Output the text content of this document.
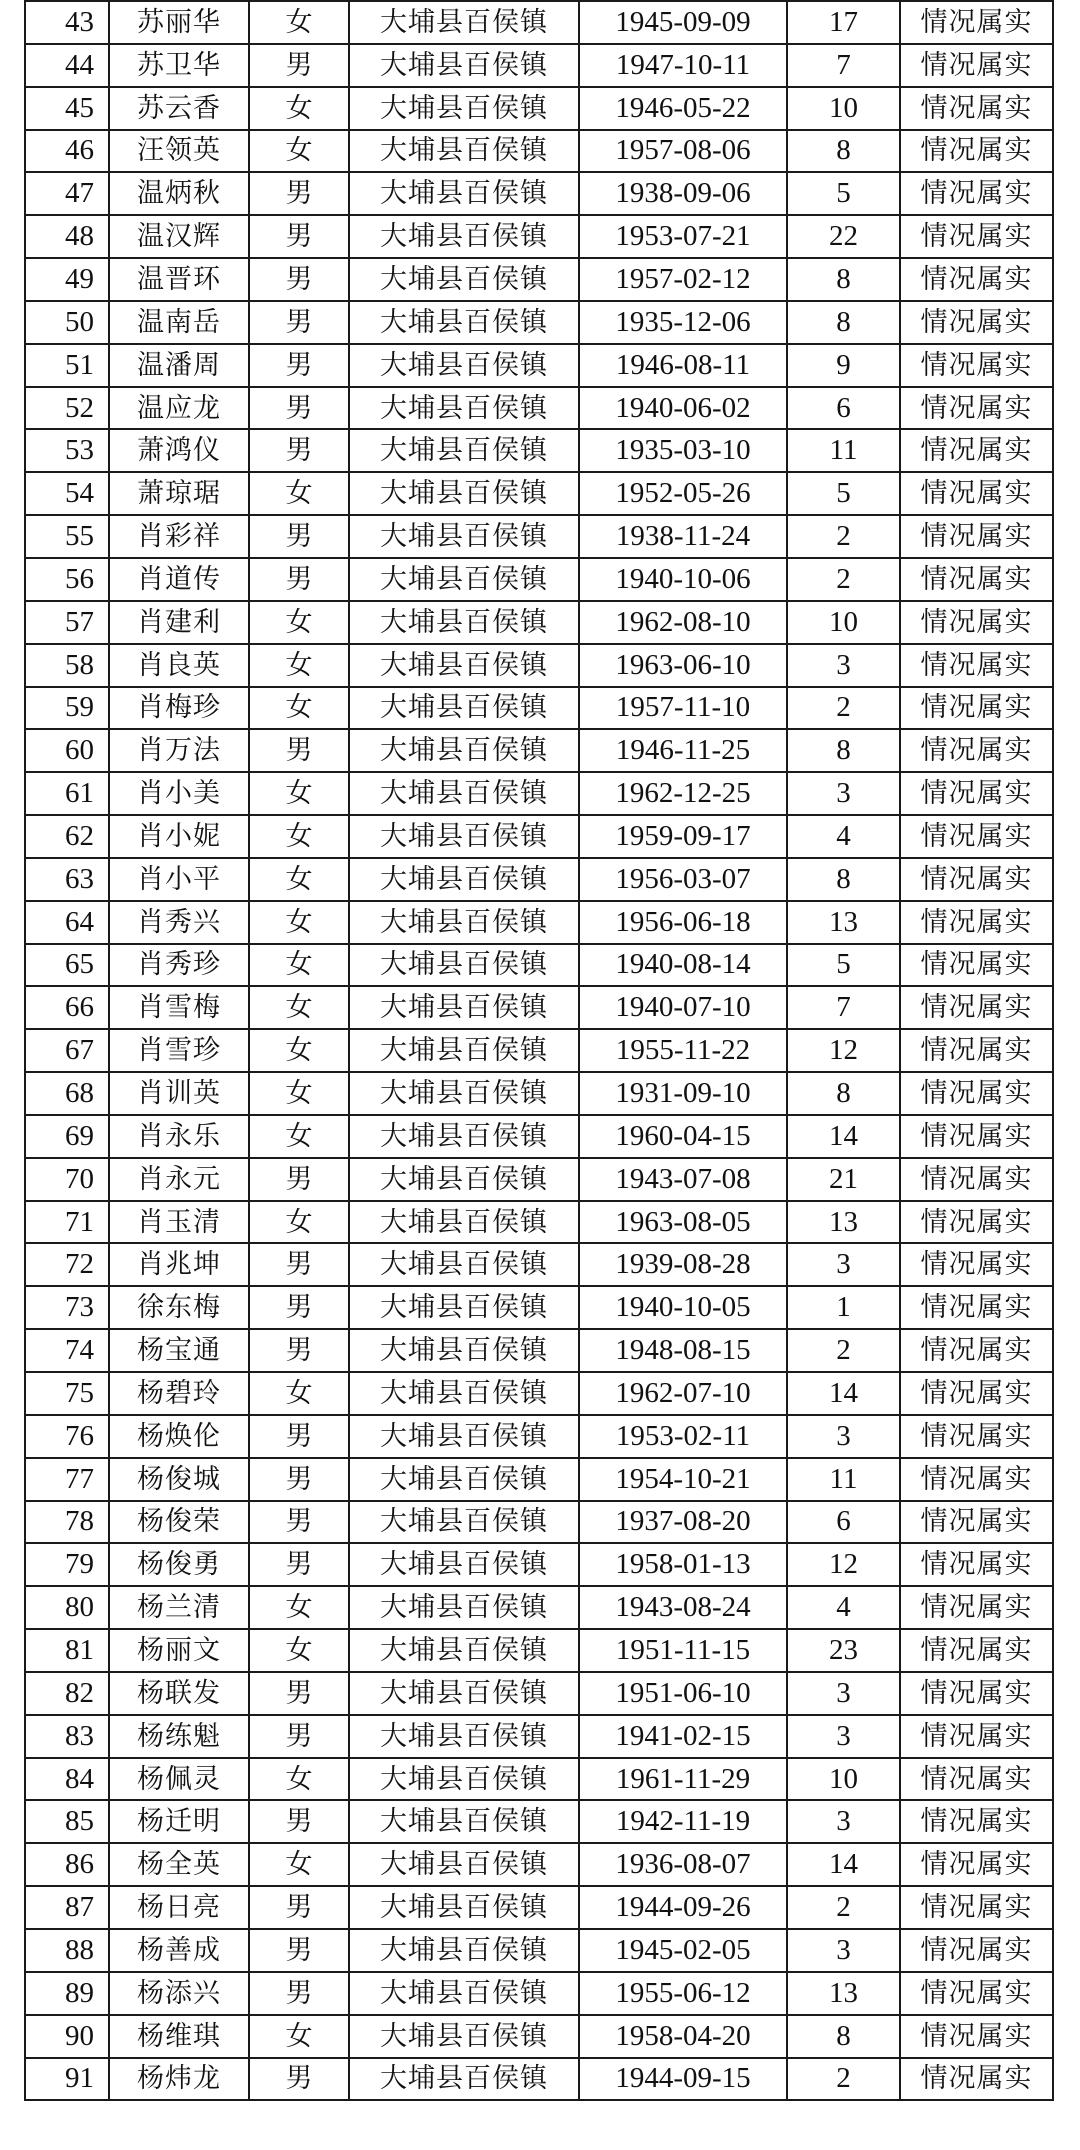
43	苏丽华	女	大埔县百侯镇	1945-09-09	17	情况属实
44	苏卫华	男	大埔县百侯镇	1947-10-11	7	情况属实
45	苏云香	女	大埔县百侯镇	1946-05-22	10	情况属实
46	汪领英	女	大埔县百侯镇	1957-08-06	8	情况属实
47	温炳秋	男	大埔县百侯镇	1938-09-06	5	情况属实
48	温汉辉	男	大埔县百侯镇	1953-07-21	22	情况属实
49	温晋环	男	大埔县百侯镇	1957-02-12	8	情况属实
50	温南岳	男	大埔县百侯镇	1935-12-06	8	情况属实
51	温潘周	男	大埔县百侯镇	1946-08-11	9	情况属实
52	温应龙	男	大埔县百侯镇	1940-06-02	6	情况属实
53	萧鸿仪	男	大埔县百侯镇	1935-03-10	11	情况属实
54	萧琼琚	女	大埔县百侯镇	1952-05-26	5	情况属实
55	肖彩祥	男	大埔县百侯镇	1938-11-24	2	情况属实
56	肖道传	男	大埔县百侯镇	1940-10-06	2	情况属实
57	肖建利	女	大埔县百侯镇	1962-08-10	10	情况属实
58	肖良英	女	大埔县百侯镇	1963-06-10	3	情况属实
59	肖梅珍	女	大埔县百侯镇	1957-11-10	2	情况属实
60	肖万法	男	大埔县百侯镇	1946-11-25	8	情况属实
61	肖小美	女	大埔县百侯镇	1962-12-25	3	情况属实
62	肖小妮	女	大埔县百侯镇	1959-09-17	4	情况属实
63	肖小平	女	大埔县百侯镇	1956-03-07	8	情况属实
64	肖秀兴	女	大埔县百侯镇	1956-06-18	13	情况属实
65	肖秀珍	女	大埔县百侯镇	1940-08-14	5	情况属实
66	肖雪梅	女	大埔县百侯镇	1940-07-10	7	情况属实
67	肖雪珍	女	大埔县百侯镇	1955-11-22	12	情况属实
68	肖训英	女	大埔县百侯镇	1931-09-10	8	情况属实
69	肖永乐	女	大埔县百侯镇	1960-04-15	14	情况属实
70	肖永元	男	大埔县百侯镇	1943-07-08	21	情况属实
71	肖玉清	女	大埔县百侯镇	1963-08-05	13	情况属实
72	肖兆坤	男	大埔县百侯镇	1939-08-28	3	情况属实
73	徐东梅	男	大埔县百侯镇	1940-10-05	1	情况属实
74	杨宝通	男	大埔县百侯镇	1948-08-15	2	情况属实
75	杨碧玲	女	大埔县百侯镇	1962-07-10	14	情况属实
76	杨焕伦	男	大埔县百侯镇	1953-02-11	3	情况属实
77	杨俊城	男	大埔县百侯镇	1954-10-21	11	情况属实
78	杨俊荣	男	大埔县百侯镇	1937-08-20	6	情况属实
79	杨俊勇	男	大埔县百侯镇	1958-01-13	12	情况属实
80	杨兰清	女	大埔县百侯镇	1943-08-24	4	情况属实
81	杨丽文	女	大埔县百侯镇	1951-11-15	23	情况属实
82	杨联发	男	大埔县百侯镇	1951-06-10	3	情况属实
83	杨练魁	男	大埔县百侯镇	1941-02-15	3	情况属实
84	杨佩灵	女	大埔县百侯镇	1961-11-29	10	情况属实
85	杨迁明	男	大埔县百侯镇	1942-11-19	3	情况属实
86	杨全英	女	大埔县百侯镇	1936-08-07	14	情况属实
87	杨日亮	男	大埔县百侯镇	1944-09-26	2	情况属实
88	杨善成	男	大埔县百侯镇	1945-02-05	3	情况属实
89	杨添兴	男	大埔县百侯镇	1955-06-12	13	情况属实
90	杨维琪	女	大埔县百侯镇	1958-04-20	8	情况属实
91	杨炜龙	男	大埔县百侯镇	1944-09-15	2	情况属实
